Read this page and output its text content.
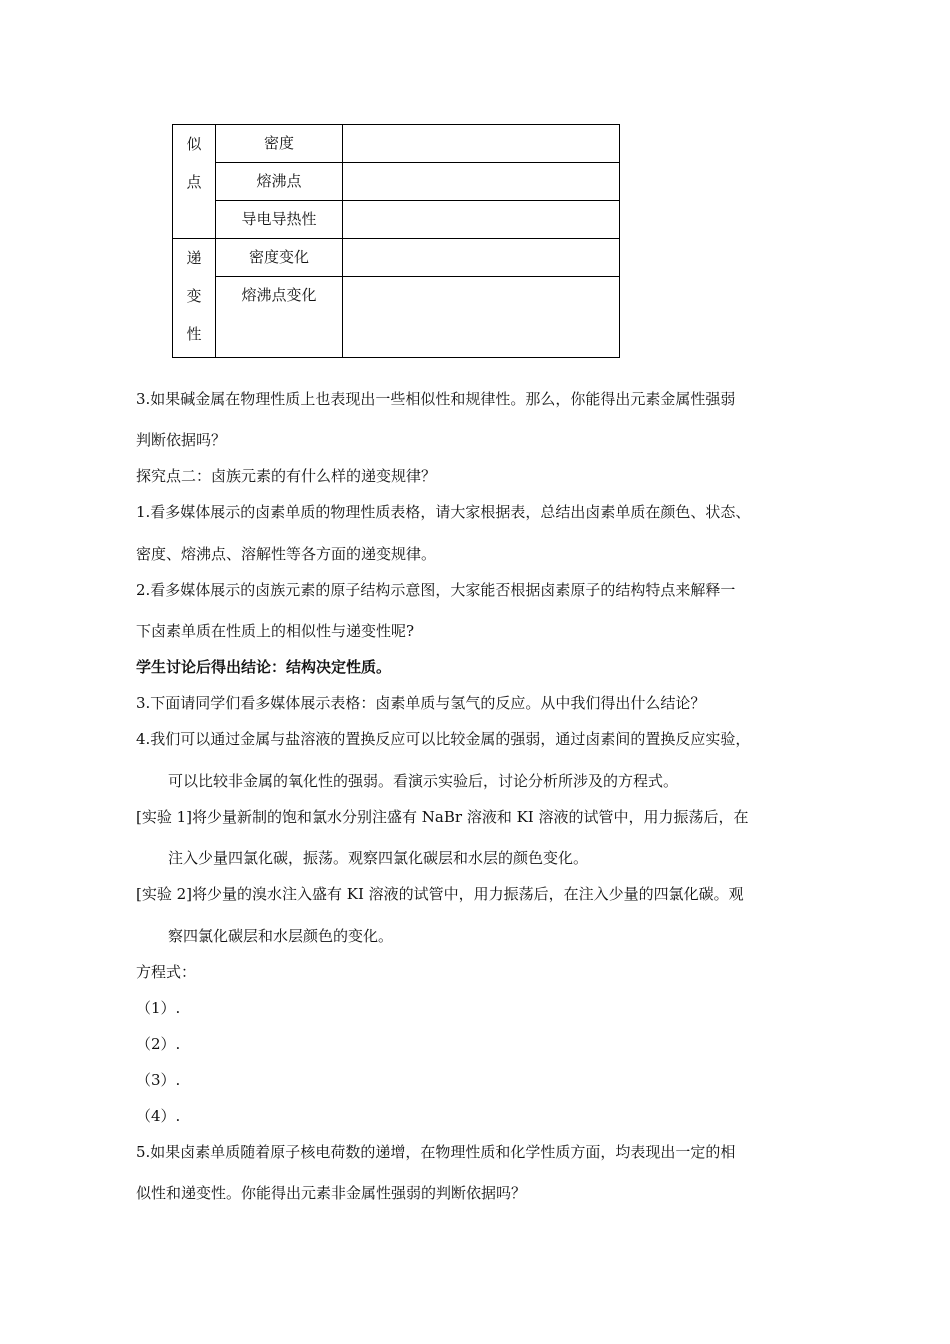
似
点	密度	

	熔沸点	

	导电导热性	

递
变
性	密度变化	

	熔沸点变化	

3.如果碱金属在物理性质上也表现出一些相似性和规律性。那么，你能得出元素金属性强弱
判断依据吗？
探究点二：卤族元素的有什么样的递变规律？
1.看多媒体展示的卤素单质的物理性质表格，请大家根据表，总结出卤素单质在颜色、状态、
密度、熔沸点、溶解性等各方面的递变规律。
2.看多媒体展示的卤族元素的原子结构示意图，大家能否根据卤素原子的结构特点来解释一
下卤素单质在性质上的相似性与递变性呢?
学生讨论后得出结论：结构决定性质。
3.下面请同学们看多媒体展示表格：卤素单质与氢气的反应。从中我们得出什么结论？
4.我们可以通过金属与盐溶液的置换反应可以比较金属的强弱，通过卤素间的置换反应实验，
可以比较非金属的氧化性的强弱。看演示实验后，讨论分析所涉及的方程式。
[实验 1]将少量新制的饱和氯水分别注盛有 NaBr 溶液和 KI 溶液的试管中，用力振荡后，在
注入少量四氯化碳，振荡。观察四氯化碳层和水层的颜色变化。
[实验 2]将少量的溴水注入盛有 KI 溶液的试管中，用力振荡后，在注入少量的四氯化碳。观
察四氯化碳层和水层颜色的变化。
方程式：
（1）.
（2）.
（3）.
（4）.
5.如果卤素单质随着原子核电荷数的递增，在物理性质和化学性质方面，均表现出一定的相
似性和递变性。你能得出元素非金属性强弱的判断依据吗？
